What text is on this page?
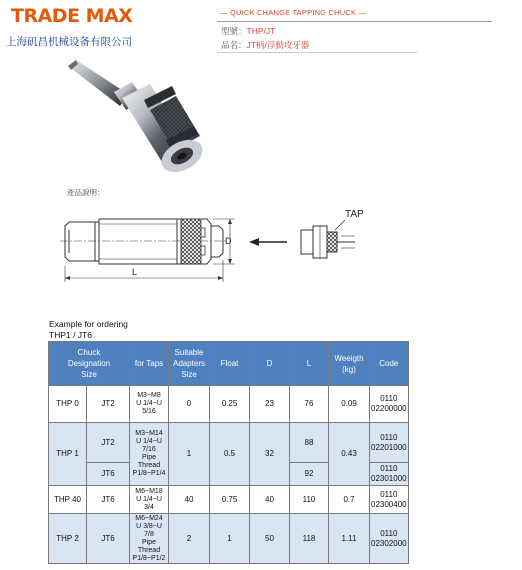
TRADE MAX
上海矶昌机械设备有限公司
— QUICK CHANGE TAPPING CHUCK —
型號：THP/JT
品名：JT柄/浮動攻牙器
產品說明：
D
L
TAP
Example for ordering
THP1 / JT6
Chuck
Designation
Size		for Taps	Suitable
Adapters
Size	Float	D	L	Weeigth
(kg)	Code
THP 0	JT2	M3~M8
U 1/4~U
5/16	0	0.25	23	76	0.09	0110
02200000
THP 1	JT2	M3~M14
U 1/4~U
7/16
Pipe Thread
P1/8~P1/4	1	0.5	32	88	0.43	0110
02201000
	JT6					92		0110
02301000
THP 40	JT6	M6~M18
U 1/4~U 3/4	40	0.75	40	110	0.7	0110
02300400
THP 2	JT6	M6~M24
U 3/8~U 7/8
Pipe Thread
P1/8~P1/2	2	1	50	118	1.11	0110
02302000
